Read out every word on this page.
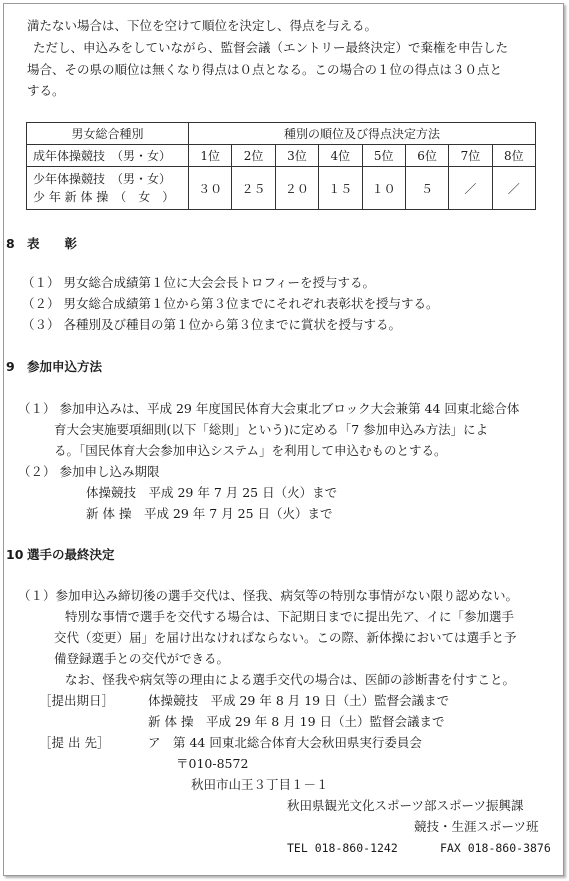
満たない場合は、下位を空けて順位を決定し、得点を与える。
ただし、申込みをしていながら、監督会議（エントリー最終決定）で棄権を申告した
場合、その県の順位は無くなり得点は０点となる。この場合の１位の得点は３０点と
する。
男女総合種別	種別の順位及び得点決定方法							
成年体操競技　（男・女）	1位	2位	3位	4位	5位	6位	7位	8位

少年体操競技　（男・女）
少 年 新 体 操　（　女　）	３０	２５	２０	１５	１０	５	／	／
8 表　　彰
（１） 男女総合成績第１位に大会会長トロフィーを授与する。
（２） 男女総合成績第１位から第３位までにそれぞれ表彰状を授与する。
（３） 各種別及び種目の第１位から第３位までに賞状を授与する。
9 参加申込方法
（１） 参加申込みは、平成 29 年度国民体育大会東北ブロック大会兼第 44 回東北総合体
育大会実施要項細則(以下「総則」という)に定める「7 参加申込み方法」によ
る。「国民体育大会参加申込システム」を利用して申込むものとする。
（２） 参加申し込み期限
体操競技　平成 29 年 7 月 25 日（火）まで
新 体 操　平成 29 年 7 月 25 日（火）まで
10 選手の最終決定
（１）参加申込み締切後の選手交代は、怪我、病気等の特別な事情がない限り認めない。
特別な事情で選手を交代する場合は、下記期日までに提出先ア、イに「参加選手
交代（変更）届」を届け出なければならない。この際、新体操においては選手と予
備登録選手との交代ができる。
なお、怪我や病気等の理由による選手交代の場合は、医師の診断書を付すこと。
［提出期日］	体操競技　平成 29 年 8 月 19 日（土）監督会議まで
新 体 操　平成 29 年 8 月 19 日（土）監督会議まで
［提 出 先］	ア　第 44 回東北総合体育大会秋田県実行委員会
〒010-8572
秋田市山王３丁目１－１
秋田県観光文化スポーツ部スポーツ振興課
競技・生涯スポーツ班
TEL 018-860-1242	FAX 018-860-3876
